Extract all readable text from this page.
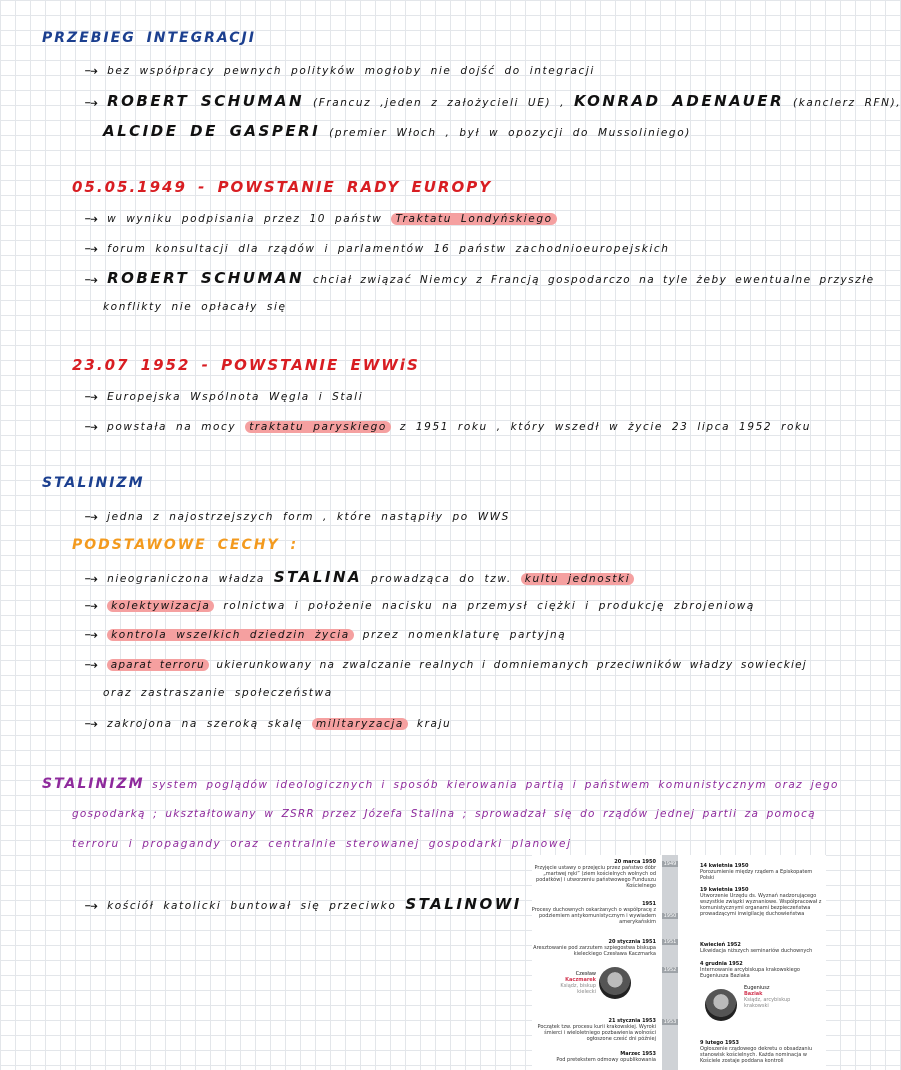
PRZEBIEG INTEGRACJI
⤍ bez współpracy pewnych polityków mogłoby nie dojść do integracji
⤍ ROBERT SCHUMAN (Francuz ,jeden z założycieli UE) , KONRAD ADENAUER (kanclerz RFN),
ALCIDE DE GASPERI (premier Włoch , był w opozycji do Mussoliniego)
05.05.1949 - POWSTANIE RADY EUROPY
⤍ w wyniku podpisania przez 10 państw Traktatu Londyńskiego
⤍ forum konsultacji dla rządów i parlamentów 16 państw zachodnioeuropejskich
⤍ ROBERT SCHUMAN chciał związać Niemcy z Francją gospodarczo na tyle żeby ewentualne przyszłe
konflikty nie opłacały się
23.07 1952 - POWSTANIE EWWiS
⤍ Europejska Wspólnota Węgla i Stali
⤍ powstała na mocy traktatu paryskiego z 1951 roku , który wszedł w życie 23 lipca 1952 roku
STALINIZM
⤍ jedna z najostrzejszych form , które nastąpiły po WWS
PODSTAWOWE CECHY :
⤍ nieograniczona władza STALINA prowadząca do tzw. kultu jednostki
⤍ kolektywizacja rolnictwa i położenie nacisku na przemysł ciężki i produkcję zbrojeniową
⤍ kontrola wszelkich dziedzin życia przez nomenklaturę partyjną
⤍ aparat terroru ukierunkowany na zwalczanie realnych i domniemanych przeciwników władzy sowieckiej
oraz zastraszanie społeczeństwa
⤍ zakrojona na szeroką skalę militaryzacja kraju
STALINIZM system poglądów ideologicznych i sposób kierowania partią i państwem komunistycznym oraz jego
gospodarką ; ukształtowany w ZSRR przez Józefa Stalina ; sprowadzał się do rządów jednej partii za pomocą
terroru i propagandy oraz centralnie sterowanej gospodarki planowej
⤍ kościół katolicki buntował się przeciwko STALINOWI
1949
1950
1951
1952
1953
20 marca 1950
Przyjęcie ustawy o przejęciu przez państwo dóbr „martwej ręki” (ziem kościelnych wolnych od podatków) i utworzeniu państwowego Funduszu Kościelnego
1951
Procesy duchownych oskarżanych o współpracę z podziemiem antykomunistycznym i wywiadem amerykańskim
20 stycznia 1951
Aresztowanie pod zarzutem szpiegostwa biskupa kieleckiego Czesława Kaczmarka
21 stycznia 1953
Początek tzw. procesu kurii krakowskiej. Wyroki śmierci i wieloletniego pozbawienia wolności ogłoszone cześć dni później
Marzec 1953
Pod pretekstem odmowy opublikowania
14 kwietnia 1950
Porozumienie między rządem a Episkopatem Polski
19 kwietnia 1950
Utworzenie Urzędu ds. Wyznań nadzorującego wszystkie związki wyznaniowe. Współpracował z komunistycznymi organami bezpieczeństwa prowadzącymi inwigilację duchowieństwa
Kwiecień 1952
Likwidacja niższych seminariów duchownych
4 grudnia 1952
Internowanie arcybiskupa krakowskiego Eugeniusza Baziaka
9 lutego 1953
Ogłoszenie rządowego dekretu o obsadzaniu stanowisk kościelnych. Każda nominacja w Kościele zostaje poddana kontroli
Czesław
Kaczmarek
Ksiądz, biskup kielecki
Eugeniusz
Baziak
Ksiądz, arcybiskup krakowski
